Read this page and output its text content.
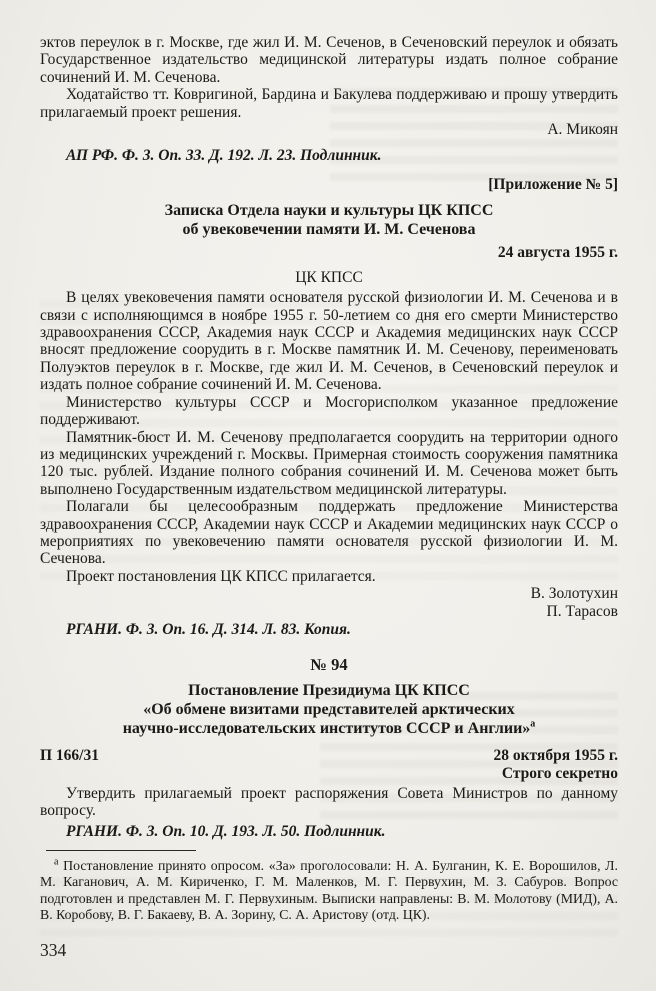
эктов переулок в г. Москве, где жил И. М. Сеченов, в Сеченовский переулок и обязать Государственное издательство медицинской литературы издать полное собрание сочинений И. М. Сеченова.

Ходатайство тт. Ковригиной, Бардина и Бакулева поддерживаю и прошу утвердить прилагаемый проект решения.

А. Микоян

АП РФ. Ф. 3. Оп. 33. Д. 192. Л. 23. Подлинник.

[Приложение № 5]

Записка Отдела науки и культуры ЦК КПСС
об увековечении памяти И. М. Сеченова

24 августа 1955 г.

ЦК КПСС

В целях увековечения памяти основателя русской физиологии И. М. Сеченова и в связи с исполняющимся в ноябре 1955 г. 50-летием со дня его смерти Министерство здравоохранения СССР, Академия наук СССР и Академия медицинских наук СССР вносят предложение соорудить в г. Москве памятник И. М. Сеченову, переименовать Полуэктов переулок в г. Москве, где жил И. М. Сеченов, в Сеченовский переулок и издать полное собрание сочинений И. М. Сеченова.

Министерство культуры СССР и Мосгорисполком указанное предложение поддерживают.

Памятник-бюст И. М. Сеченову предполагается соорудить на территории одного из медицинских учреждений г. Москвы. Примерная стоимость сооружения памятника 120 тыс. рублей. Издание полного собрания сочинений И. М. Сеченова может быть выполнено Государственным издательством медицинской литературы.

Полагали бы целесообразным поддержать предложение Министерства здравоохранения СССР, Академии наук СССР и Академии медицинских наук СССР о мероприятиях по увековечению памяти основателя русской физиологии И. М. Сеченова.

Проект постановления ЦК КПСС прилагается.

В. Золотухин

П. Тарасов

РГАНИ. Ф. 3. Оп. 16. Д. 314. Л. 83. Копия.

№ 94
Постановление Президиума ЦК КПСС
«Об обмене визитами представителей арктических
научно-исследовательских институтов СССР и Англии»$^а$
П 166/31	28 октября 1955 г.
Строго секретно

Утвердить прилагаемый проект распоряжения Совета Министров по данному вопросу.

РГАНИ. Ф. 3. Оп. 10. Д. 193. Л. 50. Подлинник.

$^а$ Постановление принято опросом. «За» проголосовали: Н. А. Булганин, К. Е. Ворошилов, Л. М. Каганович, А. М. Кириченко, Г. М. Маленков, М. Г. Первухин, М. З. Сабуров. Вопрос подготовлен и представлен М. Г. Первухиным. Выписки направлены: В. М. Молотову (МИД), А. В. Коробову, В. Г. Бакаеву, В. А. Зорину, С. А. Аристову (отд. ЦК).

334
